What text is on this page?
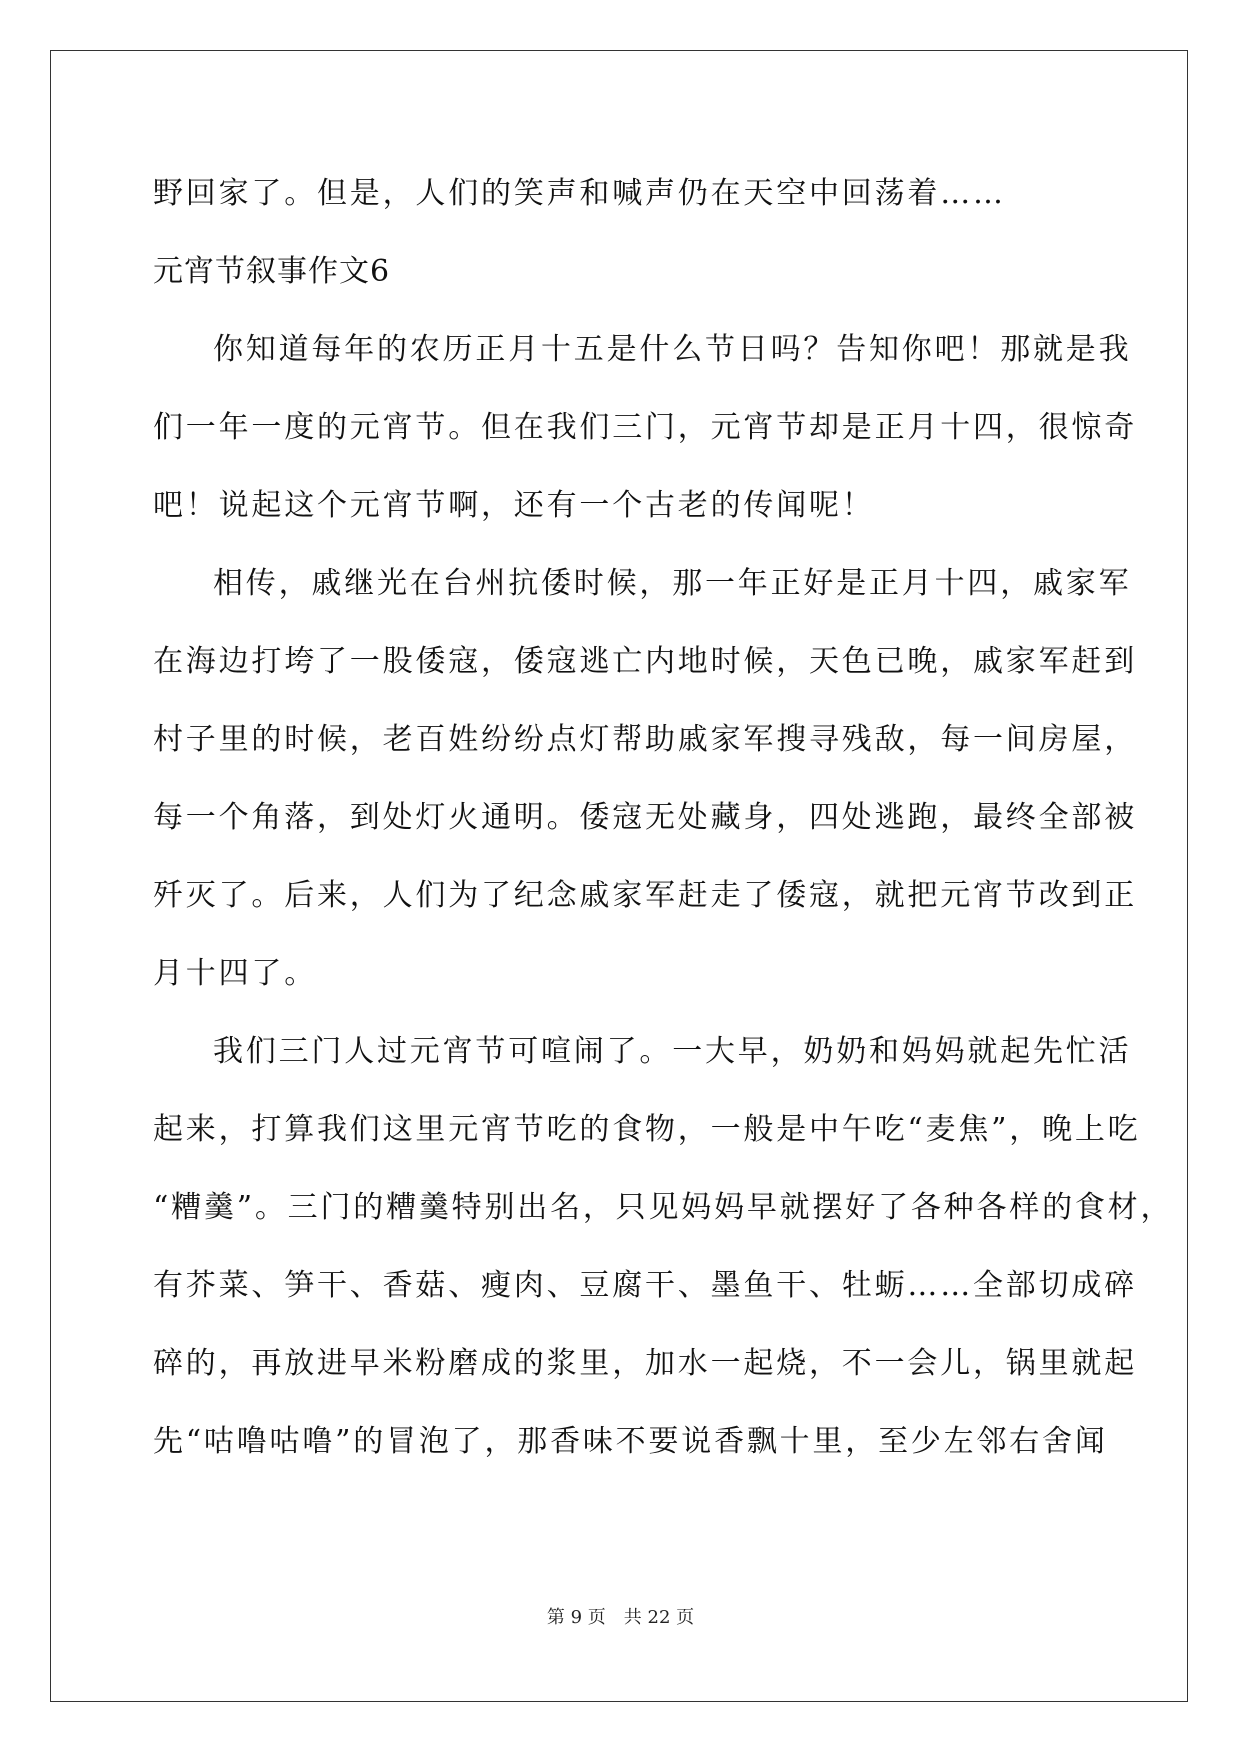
野回家了。但是，人们的笑声和喊声仍在天空中回荡着……
元宵节叙事作文6
你知道每年的农历正月十五是什么节日吗？告知你吧！那就是我
们一年一度的元宵节。但在我们三门，元宵节却是正月十四，很惊奇
吧！说起这个元宵节啊，还有一个古老的传闻呢！
相传，戚继光在台州抗倭时候，那一年正好是正月十四，戚家军
在海边打垮了一股倭寇，倭寇逃亡内地时候，天色已晚，戚家军赶到
村子里的时候，老百姓纷纷点灯帮助戚家军搜寻残敌，每一间房屋，
每一个角落，到处灯火通明。倭寇无处藏身，四处逃跑，最终全部被
歼灭了。后来，人们为了纪念戚家军赶走了倭寇，就把元宵节改到正
月十四了。
我们三门人过元宵节可喧闹了。一大早，奶奶和妈妈就起先忙活
起来，打算我们这里元宵节吃的食物，一般是中午吃“麦焦”，晚上吃
“糟羹”。三门的糟羹特别出名，只见妈妈早就摆好了各种各样的食材，
有芥菜、笋干、香菇、瘦肉、豆腐干、墨鱼干、牡蛎……全部切成碎
碎的，再放进早米粉磨成的浆里，加水一起烧，不一会儿，锅里就起
先“咕噜咕噜”的冒泡了，那香味不要说香飘十里，至少左邻右舍闻
第 9 页　共 22 页
